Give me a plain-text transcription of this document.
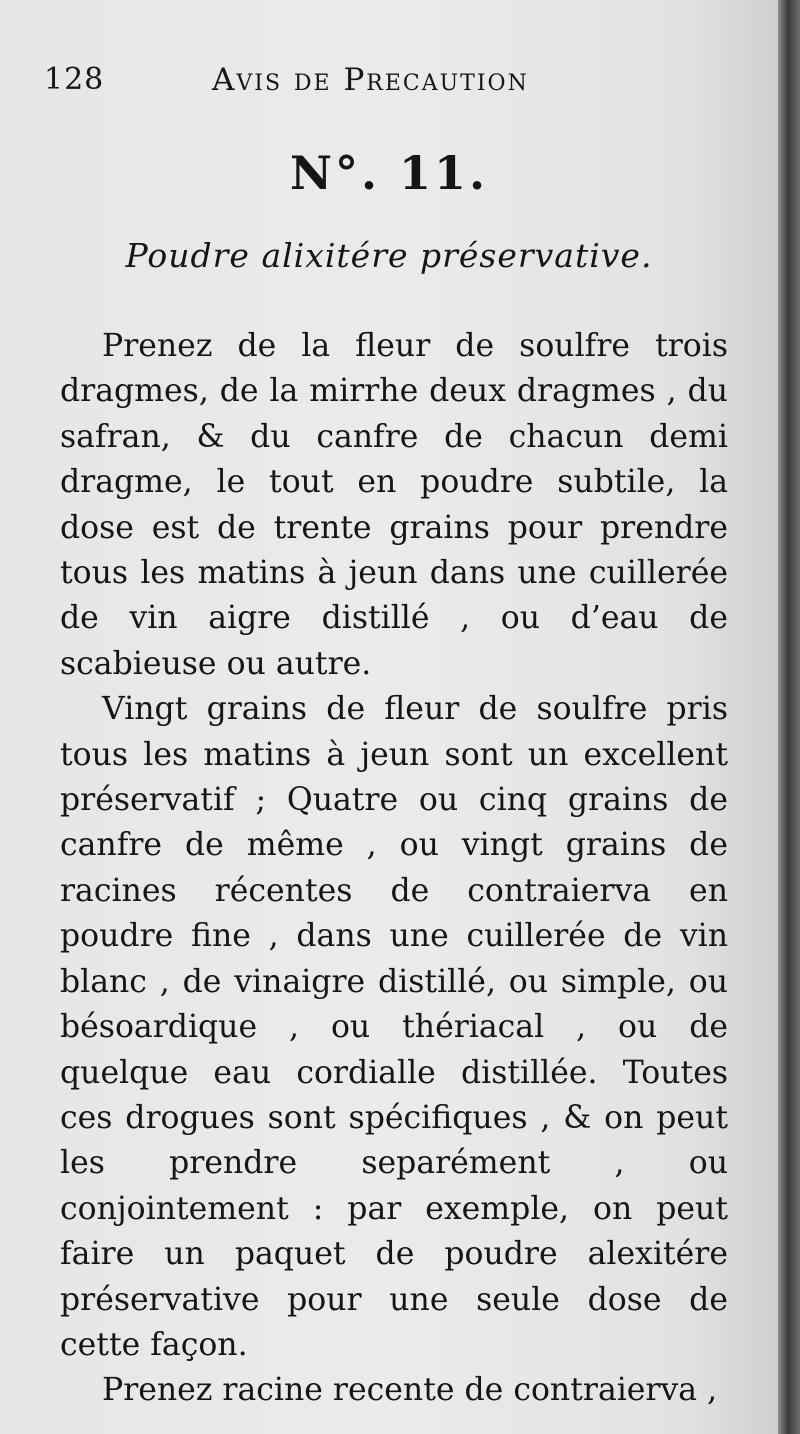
128	Avis de Precaution
N°. 11.
Poudre alixitére préservative.

Prenez de la fleur de soulfre trois dragmes, de la mirrhe deux dragmes , du safran, & du canfre de chacun demi dragme, le tout en poudre subtile, la dose est de trente grains pour prendre tous les matins à jeun dans une cuillerée de vin aigre distillé , ou d’eau de scabieuse ou autre.

Vingt grains de fleur de soulfre pris tous les matins à jeun sont un excellent préservatif ; Quatre ou cinq grains de canfre de même , ou vingt grains de racines récentes de contraierva en poudre fine , dans une cuillerée de vin blanc , de vinaigre distillé, ou simple, ou bésoardique , ou thériacal , ou de quelque eau cordialle distillée. Toutes ces drogues sont spécifiques , & on peut les prendre separément , ou conjointement : par exemple, on peut faire un paquet de poudre alexitére préservative pour une seule dose de cette façon.

Prenez racine recente de contraierva ,
